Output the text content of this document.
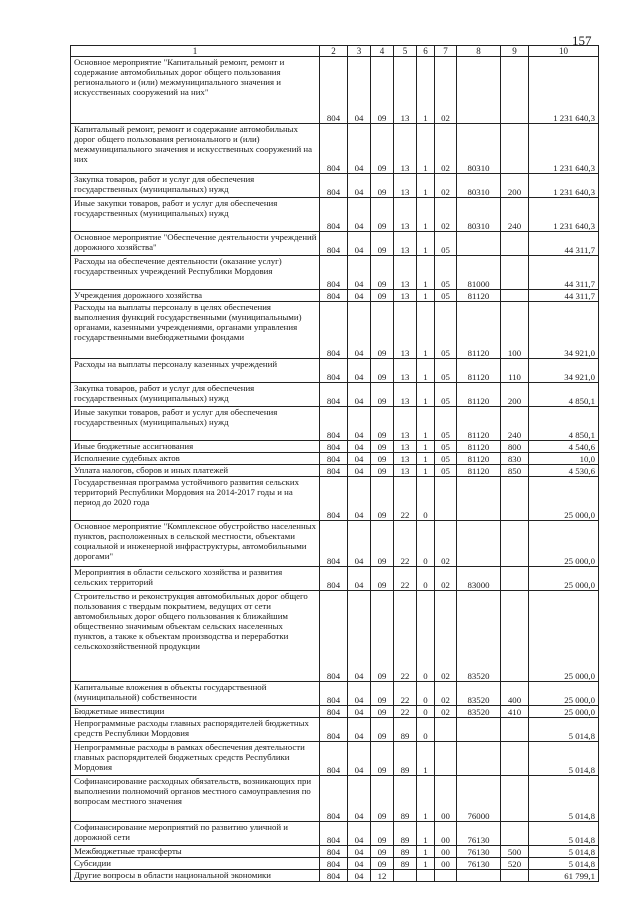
157
1	2	3	4	5	6	7	8	9	10
Основное мероприятие "Капитальный ремонт, ремонт и содержание автомобильных дорог общего пользования регионального и (или) межмуниципального значения и искусственных сооружений на них"	804	04	09	13	1	02			1 231 640,3
Капитальный ремонт, ремонт и содержание автомобильных дорог общего пользования регионального и (или) межмуниципального значения и искусственных сооружений на них	804	04	09	13	1	02	80310		1 231 640,3
Закупка товаров, работ и услуг для обеспечения государственных (муниципальных) нужд	804	04	09	13	1	02	80310	200	1 231 640,3
Иные закупки товаров, работ и услуг для обеспечения государственных (муниципальных) нужд	804	04	09	13	1	02	80310	240	1 231 640,3
Основное мероприятие "Обеспечение деятельности учреждений дорожного хозяйства"	804	04	09	13	1	05			44 311,7
Расходы на обеспечение деятельности (оказание услуг) государственных учреждений Республики Мордовия	804	04	09	13	1	05	81000		44 311,7
Учреждения дорожного хозяйства	804	04	09	13	1	05	81120		44 311,7
Расходы на выплаты персоналу в целях обеспечения выполнения функций государственными (муниципальными) органами, казенными учреждениями, органами управления государственными внебюджетными фондами	804	04	09	13	1	05	81120	100	34 921,0
Расходы на выплаты персоналу казенных учреждений	804	04	09	13	1	05	81120	110	34 921,0
Закупка товаров, работ и услуг для обеспечения государственных (муниципальных) нужд	804	04	09	13	1	05	81120	200	4 850,1
Иные закупки товаров, работ и услуг для обеспечения государственных (муниципальных) нужд	804	04	09	13	1	05	81120	240	4 850,1
Иные бюджетные ассигнования	804	04	09	13	1	05	81120	800	4 540,6
Исполнение судебных актов	804	04	09	13	1	05	81120	830	10,0
Уплата налогов, сборов и иных платежей	804	04	09	13	1	05	81120	850	4 530,6
Государственная программа устойчивого развития сельских территорий Республики Мордовия на 2014-2017 годы и на период до 2020 года	804	04	09	22	0				25 000,0
Основное мероприятие "Комплексное обустройство населенных пунктов, расположенных в сельской местности, объектами социальной и инженерной инфраструктуры, автомобильными дорогами"	804	04	09	22	0	02			25 000,0
Мероприятия в области сельского хозяйства и развития сельских территорий	804	04	09	22	0	02	83000		25 000,0
Строительство и реконструкция автомобильных дорог общего пользования с твердым покрытием, ведущих от сети автомобильных дорог общего пользования к ближайшим общественно значимым объектам сельских населенных пунктов, а также к объектам производства и переработки сельскохозяйственной продукции	804	04	09	22	0	02	83520		25 000,0
Капитальные вложения в объекты государственной (муниципальной) собственности	804	04	09	22	0	02	83520	400	25 000,0
Бюджетные инвестиции	804	04	09	22	0	02	83520	410	25 000,0
Непрограммные расходы главных распорядителей бюджетных средств Республики Мордовия	804	04	09	89	0				5 014,8
Непрограммные расходы в рамках обеспечения деятельности главных распорядителей бюджетных средств Республики Мордовия	804	04	09	89	1				5 014,8
Софинансирование расходных обязательств, возникающих при выполнении полномочий органов местного самоуправления по вопросам местного значения	804	04	09	89	1	00	76000		5 014,8
Софинансирование мероприятий по развитию уличной и дорожной сети	804	04	09	89	1	00	76130		5 014,8
Межбюджетные трансферты	804	04	09	89	1	00	76130	500	5 014,8
Субсидии	804	04	09	89	1	00	76130	520	5 014,8
Другие вопросы в области национальной экономики	804	04	12						61 799,1
